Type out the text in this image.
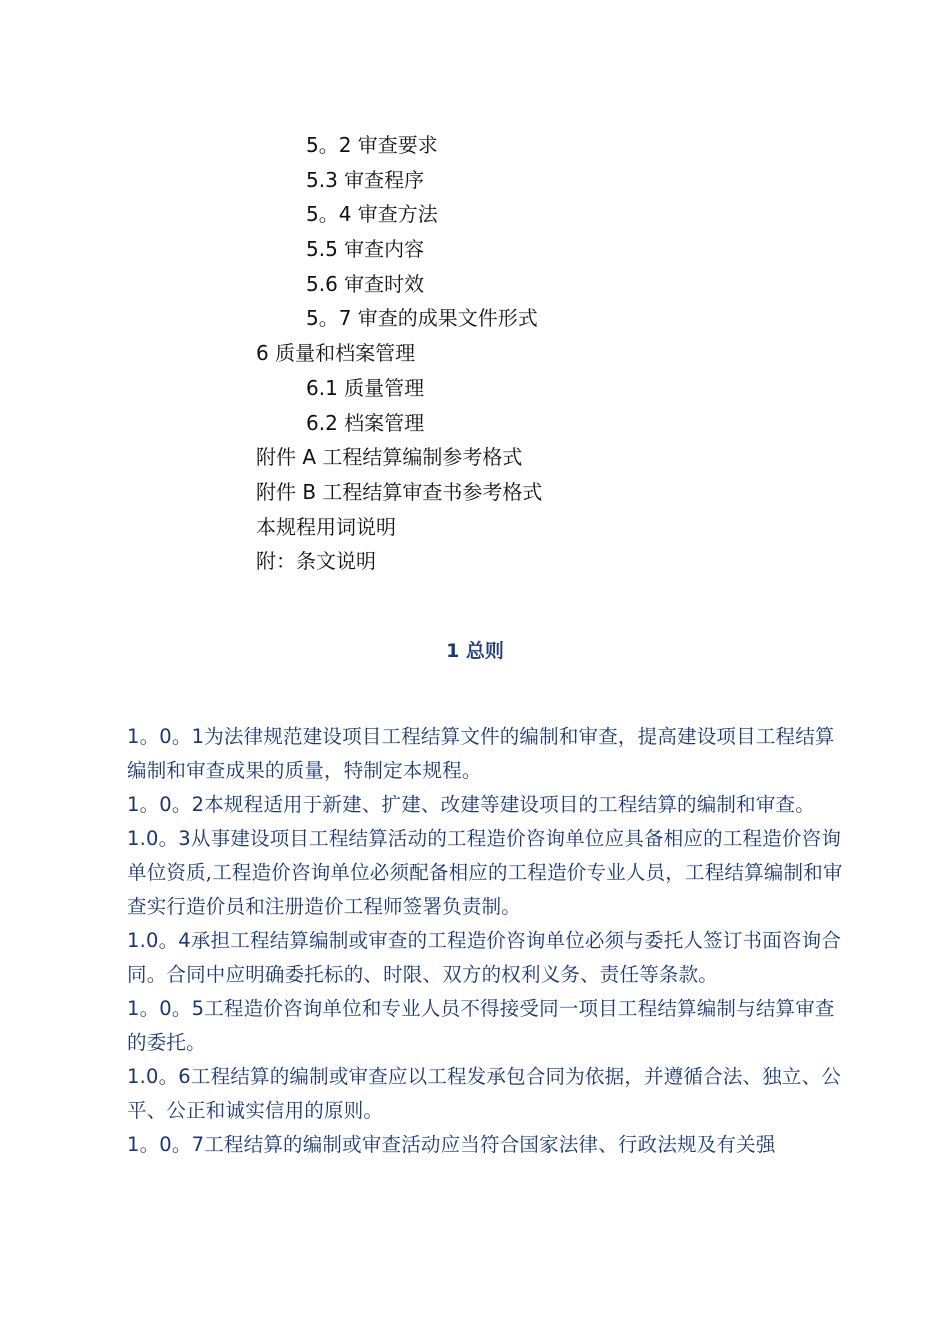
5。2 审查要求
5.3 审查程序
5。4 审查方法
5.5 审查内容
5.6 审查时效
5。7 审查的成果文件形式
6 质量和档案管理
6.1 质量管理
6.2 档案管理
附件 A 工程结算编制参考格式
附件 B 工程结算审查书参考格式
本规程用词说明
附：条文说明
1 总则

1。0。1为法律规范建设项目工程结算文件的编制和审查，提高建设项目工程结算编制和审查成果的质量，特制定本规程。

1。0。2本规程适用于新建、扩建、改建等建设项目的工程结算的编制和审查。

1.0。3从事建设项目工程结算活动的工程造价咨询单位应具备相应的工程造价咨询单位资质,工程造价咨询单位必须配备相应的工程造价专业人员，工程结算编制和审查实行造价员和注册造价工程师签署负责制。

1.0。4承担工程结算编制或审查的工程造价咨询单位必须与委托人签订书面咨询合同。合同中应明确委托标的、时限、双方的权利义务、责任等条款。

1。0。5工程造价咨询单位和专业人员不得接受同一项目工程结算编制与结算审查的委托。

1.0。6工程结算的编制或审查应以工程发承包合同为依据，并遵循合法、独立、公平、公正和诚实信用的原则。

1。0。7工程结算的编制或审查活动应当符合国家法律、行政法规及有关强
